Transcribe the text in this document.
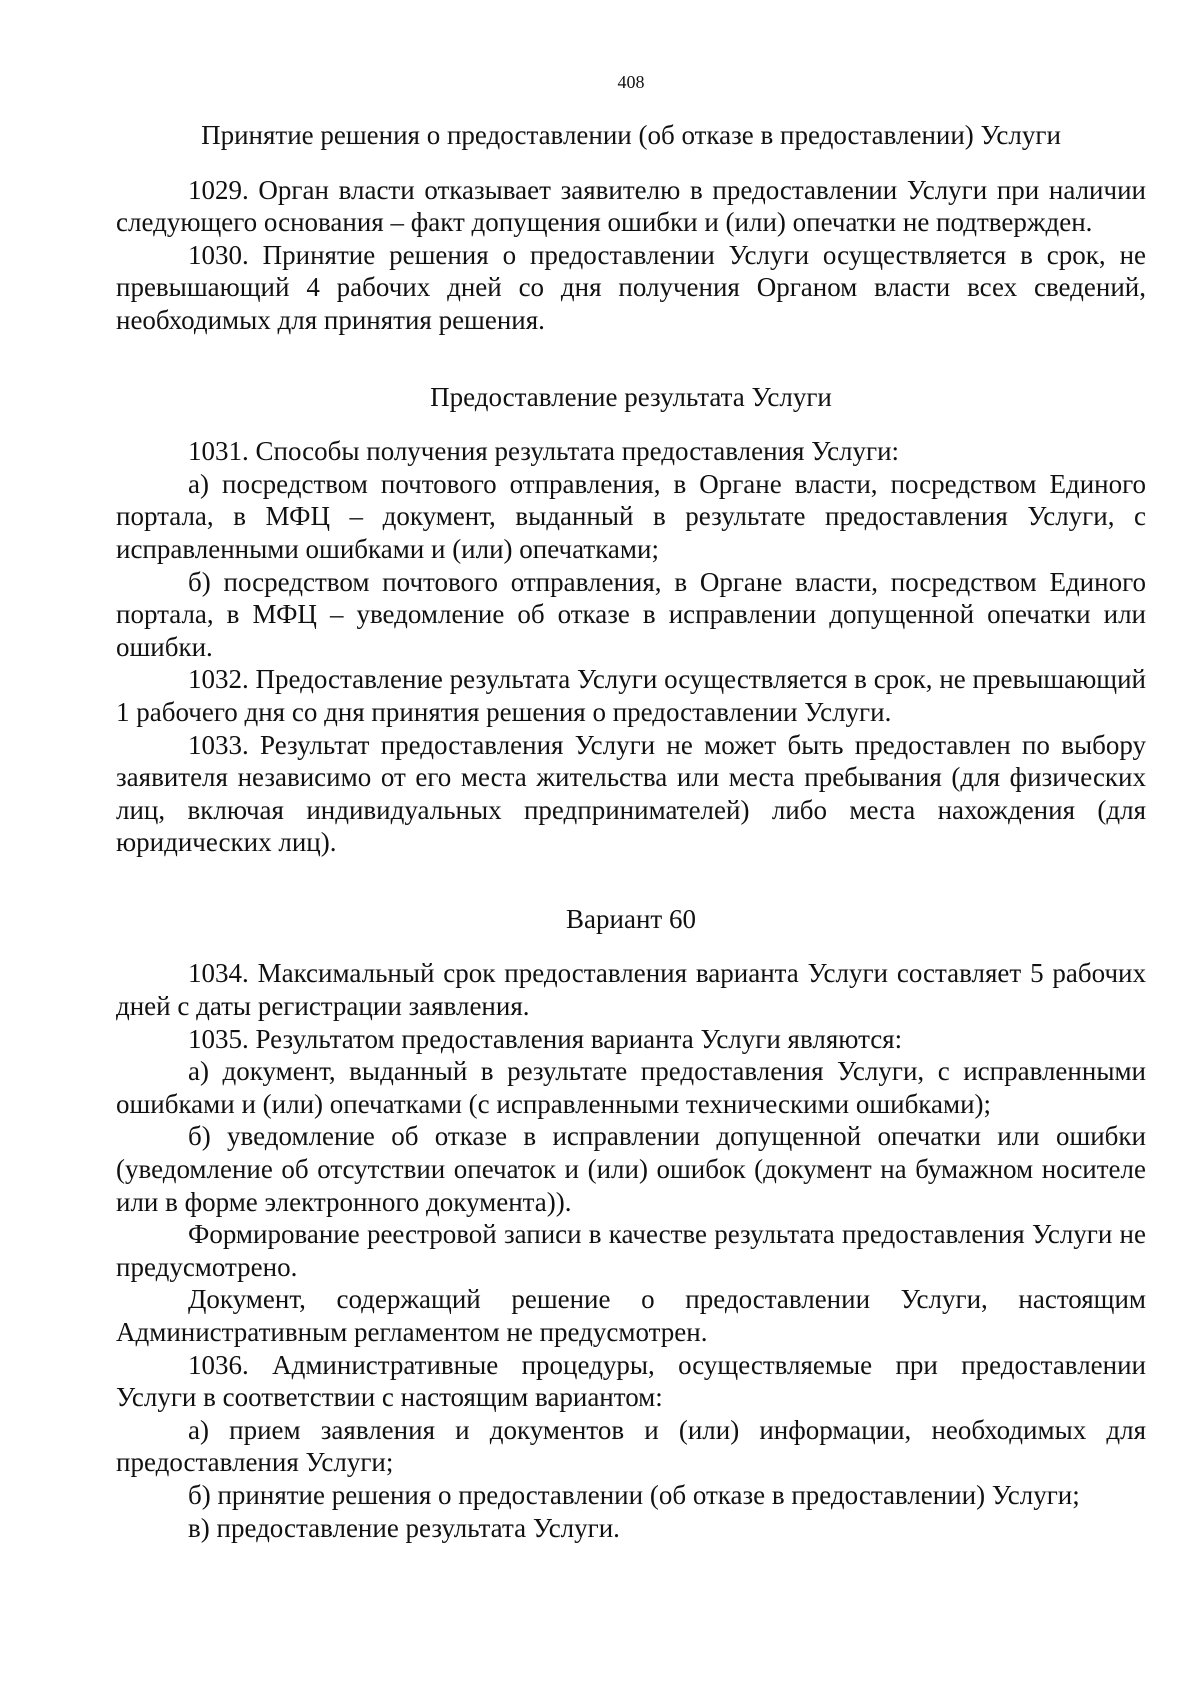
408
Принятие решения о предоставлении (об отказе в предоставлении) Услуги

1029. Орган власти отказывает заявителю в предоставлении Услуги при наличии следующего основания – факт допущения ошибки и (или) опечатки не подтвержден.

1030. Принятие решения о предоставлении Услуги осуществляется в срок, не превышающий 4 рабочих дней со дня получения Органом власти всех сведений, необходимых для принятия решения.

Предоставление результата Услуги

1031. Способы получения результата предоставления Услуги:

а) посредством почтового отправления, в Органе власти, посредством Единого портала, в МФЦ – документ, выданный в результате предоставления Услуги, с исправленными ошибками и (или) опечатками;

б) посредством почтового отправления, в Органе власти, посредством Единого портала, в МФЦ – уведомление об отказе в исправлении допущенной опечатки или ошибки.

1032. Предоставление результата Услуги осуществляется в срок, не превышающий 1 рабочего дня со дня принятия решения о предоставлении Услуги.

1033. Результат предоставления Услуги не может быть предоставлен по выбору заявителя независимо от его места жительства или места пребывания (для физических лиц, включая индивидуальных предпринимателей) либо места нахождения (для юридических лиц).

Вариант 60

1034. Максимальный срок предоставления варианта Услуги составляет 5 рабочих дней с даты регистрации заявления.

1035. Результатом предоставления варианта Услуги являются:

а) документ, выданный в результате предоставления Услуги, с исправленными ошибками и (или) опечатками (с исправленными техническими ошибками);

б) уведомление об отказе в исправлении допущенной опечатки или ошибки (уведомление об отсутствии опечаток и (или) ошибок (документ на бумажном носителе или в форме электронного документа)).

Формирование реестровой записи в качестве результата предоставления Услуги не предусмотрено.

Документ, содержащий решение о предоставлении Услуги, настоящим Административным регламентом не предусмотрен.

1036. Административные процедуры, осуществляемые при предоставлении Услуги в соответствии с настоящим вариантом:

а) прием заявления и документов и (или) информации, необходимых для предоставления Услуги;

б) принятие решения о предоставлении (об отказе в предоставлении) Услуги;

в) предоставление результата Услуги.
